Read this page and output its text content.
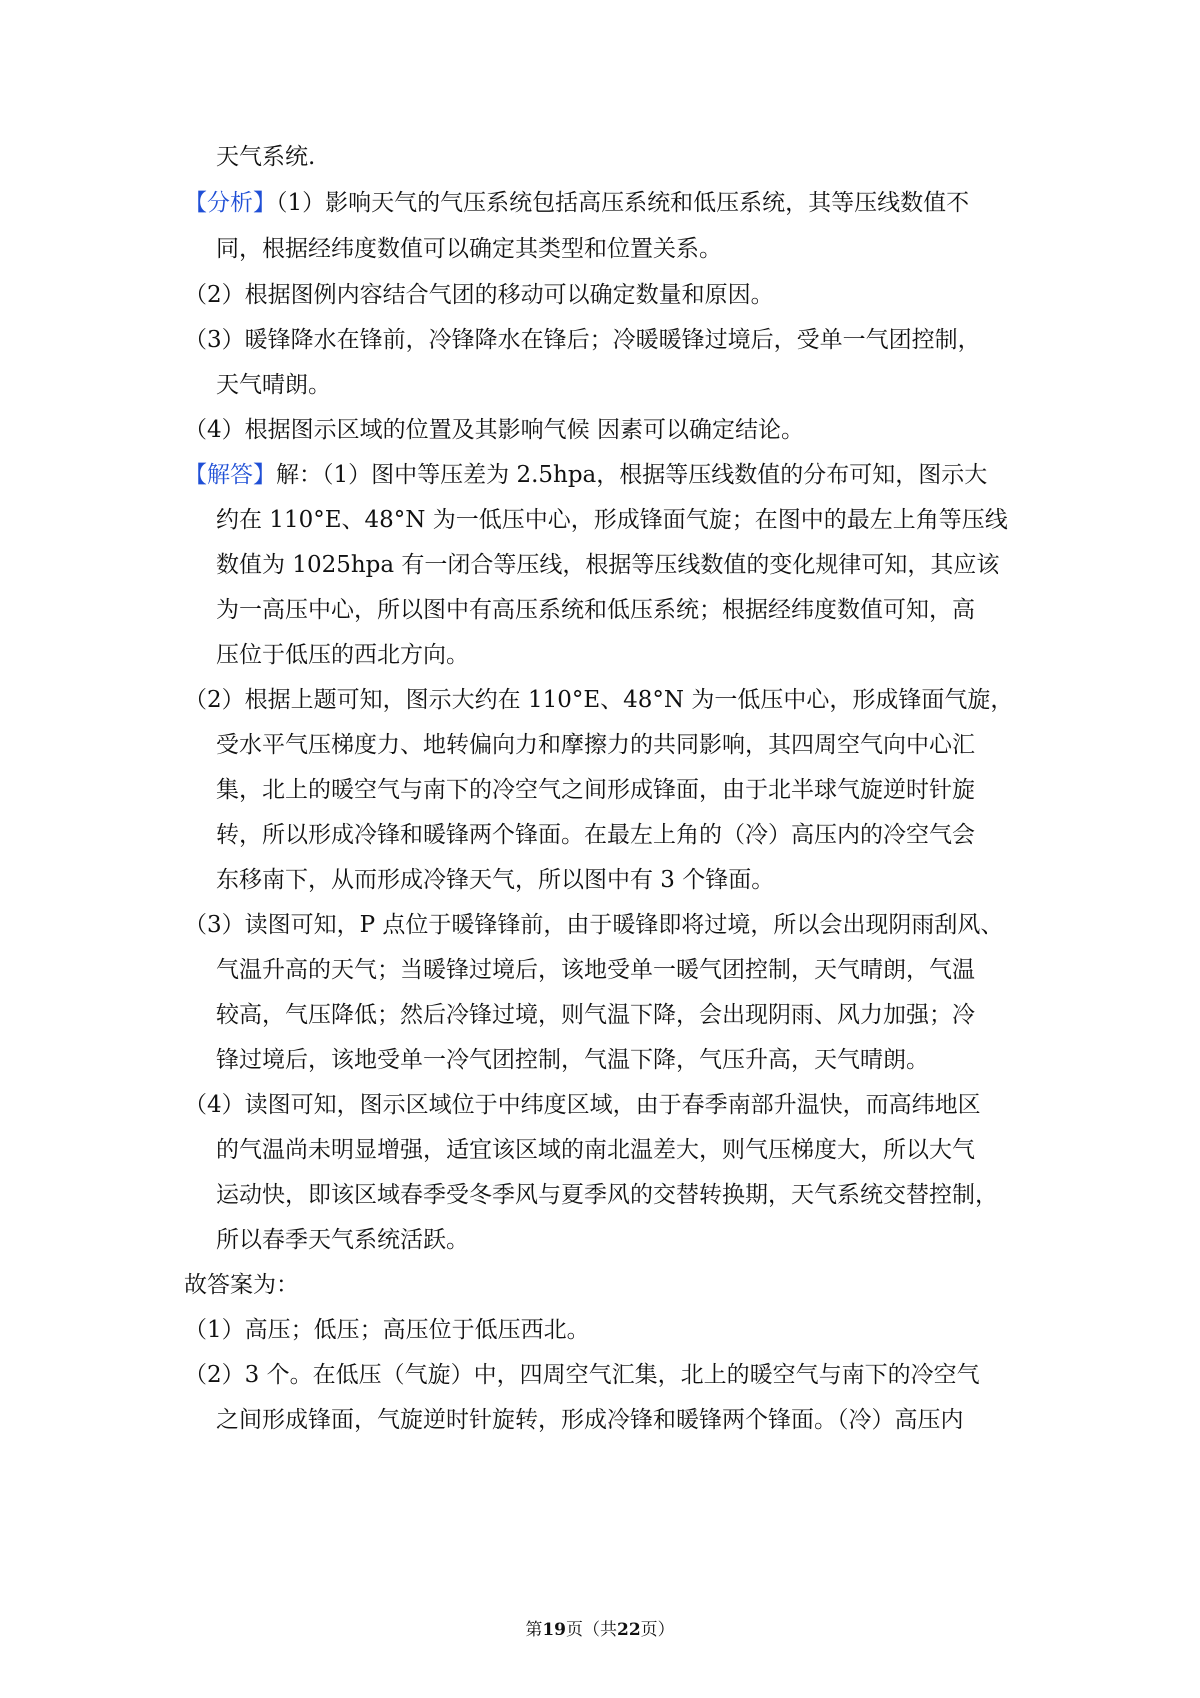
天气系统.
【分析】（1）影响天气的气压系统包括高压系统和低压系统，其等压线数值不
同，根据经纬度数值可以确定其类型和位置关系。
（2）根据图例内容结合气团的移动可以确定数量和原因。
（3）暖锋降水在锋前，冷锋降水在锋后；冷暖暖锋过境后，受单一气团控制，
天气晴朗。
（4）根据图示区域的位置及其影响气候 因素可以确定结论。
【解答】解：（1）图中等压差为 2.5hpa，根据等压线数值的分布可知，图示大
约在 110°E、48°N 为一低压中心，形成锋面气旋；在图中的最左上角等压线
数值为 1025hpa 有一闭合等压线，根据等压线数值的变化规律可知，其应该
为一高压中心，所以图中有高压系统和低压系统；根据经纬度数值可知，高
压位于低压的西北方向。
（2）根据上题可知，图示大约在 110°E、48°N 为一低压中心，形成锋面气旋，
受水平气压梯度力、地转偏向力和摩擦力的共同影响，其四周空气向中心汇
集，北上的暖空气与南下的冷空气之间形成锋面，由于北半球气旋逆时针旋
转，所以形成冷锋和暖锋两个锋面。在最左上角的（冷）高压内的冷空气会
东移南下，从而形成冷锋天气，所以图中有 3 个锋面。
（3）读图可知，P 点位于暖锋锋前，由于暖锋即将过境，所以会出现阴雨刮风、
气温升高的天气；当暖锋过境后，该地受单一暖气团控制，天气晴朗，气温
较高，气压降低；然后冷锋过境，则气温下降，会出现阴雨、风力加强；冷
锋过境后，该地受单一冷气团控制，气温下降，气压升高，天气晴朗。
（4）读图可知，图示区域位于中纬度区域，由于春季南部升温快，而高纬地区
的气温尚未明显增强，适宜该区域的南北温差大，则气压梯度大，所以大气
运动快，即该区域春季受冬季风与夏季风的交替转换期，天气系统交替控制，
所以春季天气系统活跃。
故答案为：
（1）高压；低压；高压位于低压西北。
（2）3 个。在低压（气旋）中，四周空气汇集，北上的暖空气与南下的冷空气
之间形成锋面，气旋逆时针旋转，形成冷锋和暖锋两个锋面。（冷）高压内
第19页（共22页）
